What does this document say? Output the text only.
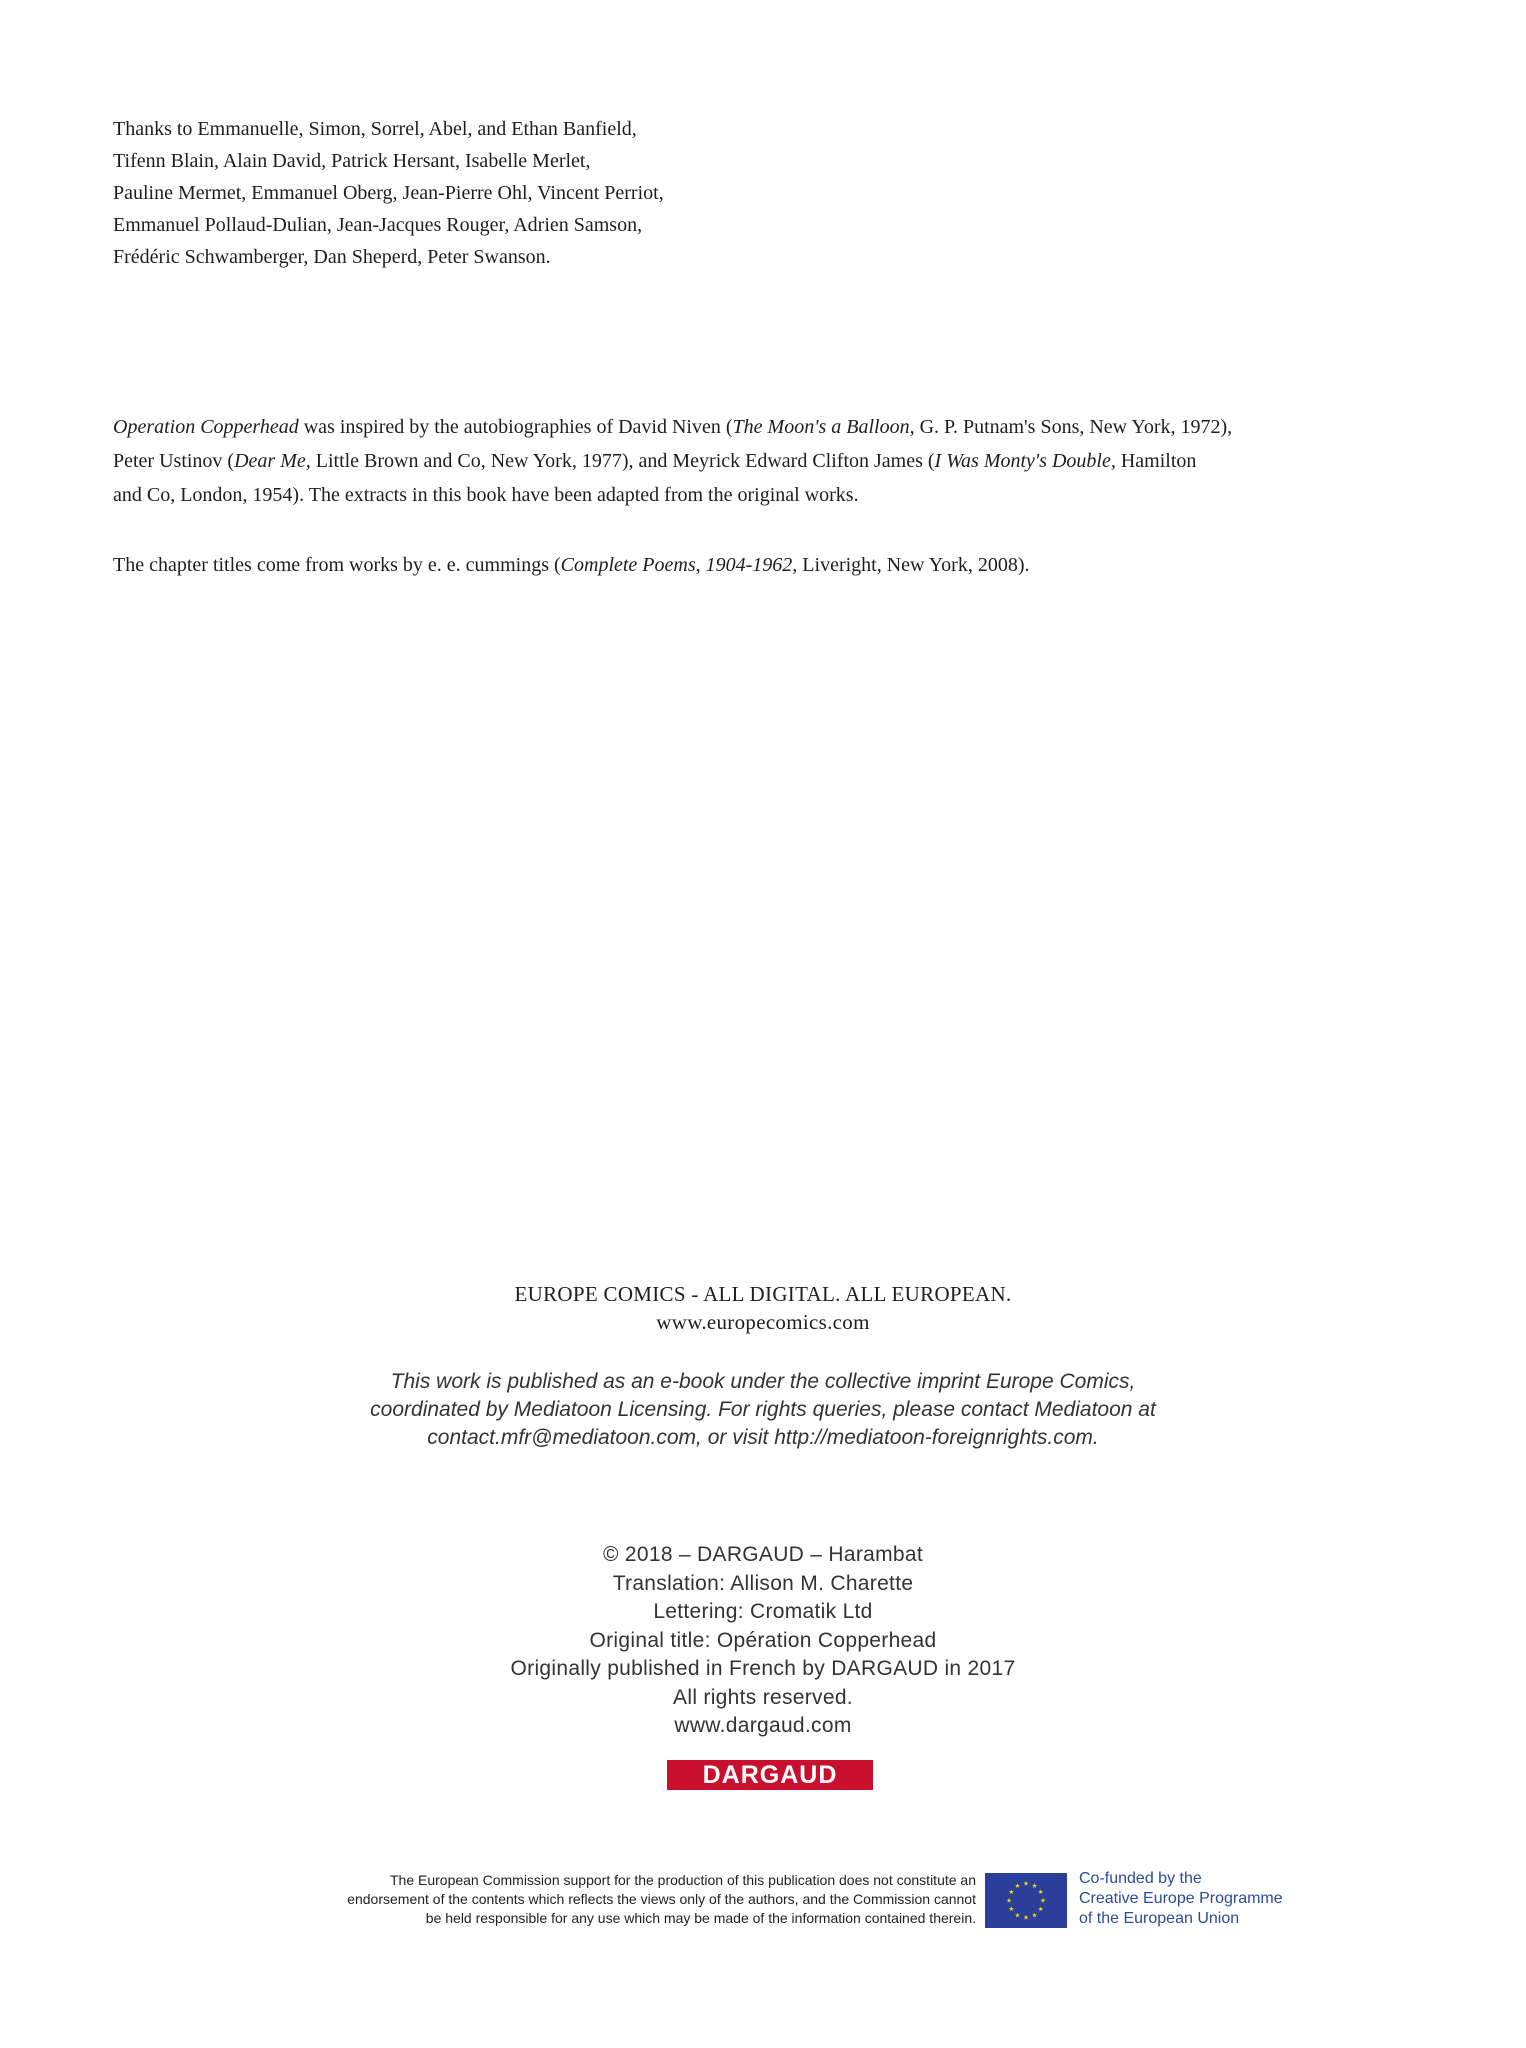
Thanks to Emmanuelle, Simon, Sorrel, Abel, and Ethan Banfield,
Tifenn Blain, Alain David, Patrick Hersant, Isabelle Merlet,
Pauline Mermet, Emmanuel Oberg, Jean-Pierre Ohl, Vincent Perriot,
Emmanuel Pollaud-Dulian, Jean-Jacques Rouger, Adrien Samson,
Frédéric Schwamberger, Dan Sheperd, Peter Swanson.
Operation Copperhead was inspired by the autobiographies of David Niven (The Moon's a Balloon, G. P. Putnam's Sons, New York, 1972),
Peter Ustinov (Dear Me, Little Brown and Co, New York, 1977), and Meyrick Edward Clifton James (I Was Monty's Double, Hamilton
and Co, London, 1954). The extracts in this book have been adapted from the original works.
The chapter titles come from works by e. e. cummings (Complete Poems, 1904-1962, Liveright, New York, 2008).
EUROPE COMICS - ALL DIGITAL. ALL EUROPEAN.
www.europecomics.com
This work is published as an e-book under the collective imprint Europe Comics,
coordinated by Mediatoon Licensing. For rights queries, please contact Mediatoon at
contact.mfr@mediatoon.com, or visit http://mediatoon-foreignrights.com.
© 2018 – DARGAUD – Harambat
Translation: Allison M. Charette
Lettering: Cromatik Ltd
Original title: Opération Copperhead
Originally published in French by DARGAUD in 2017
All rights reserved.
www.dargaud.com
DARGAUD
The European Commission support for the production of this publication does not constitute an
endorsement of the contents which reflects the views only of the authors, and the Commission cannot
be held responsible for any use which may be made of the information contained therein.
Co-funded by the
Creative Europe Programme
of the European Union
